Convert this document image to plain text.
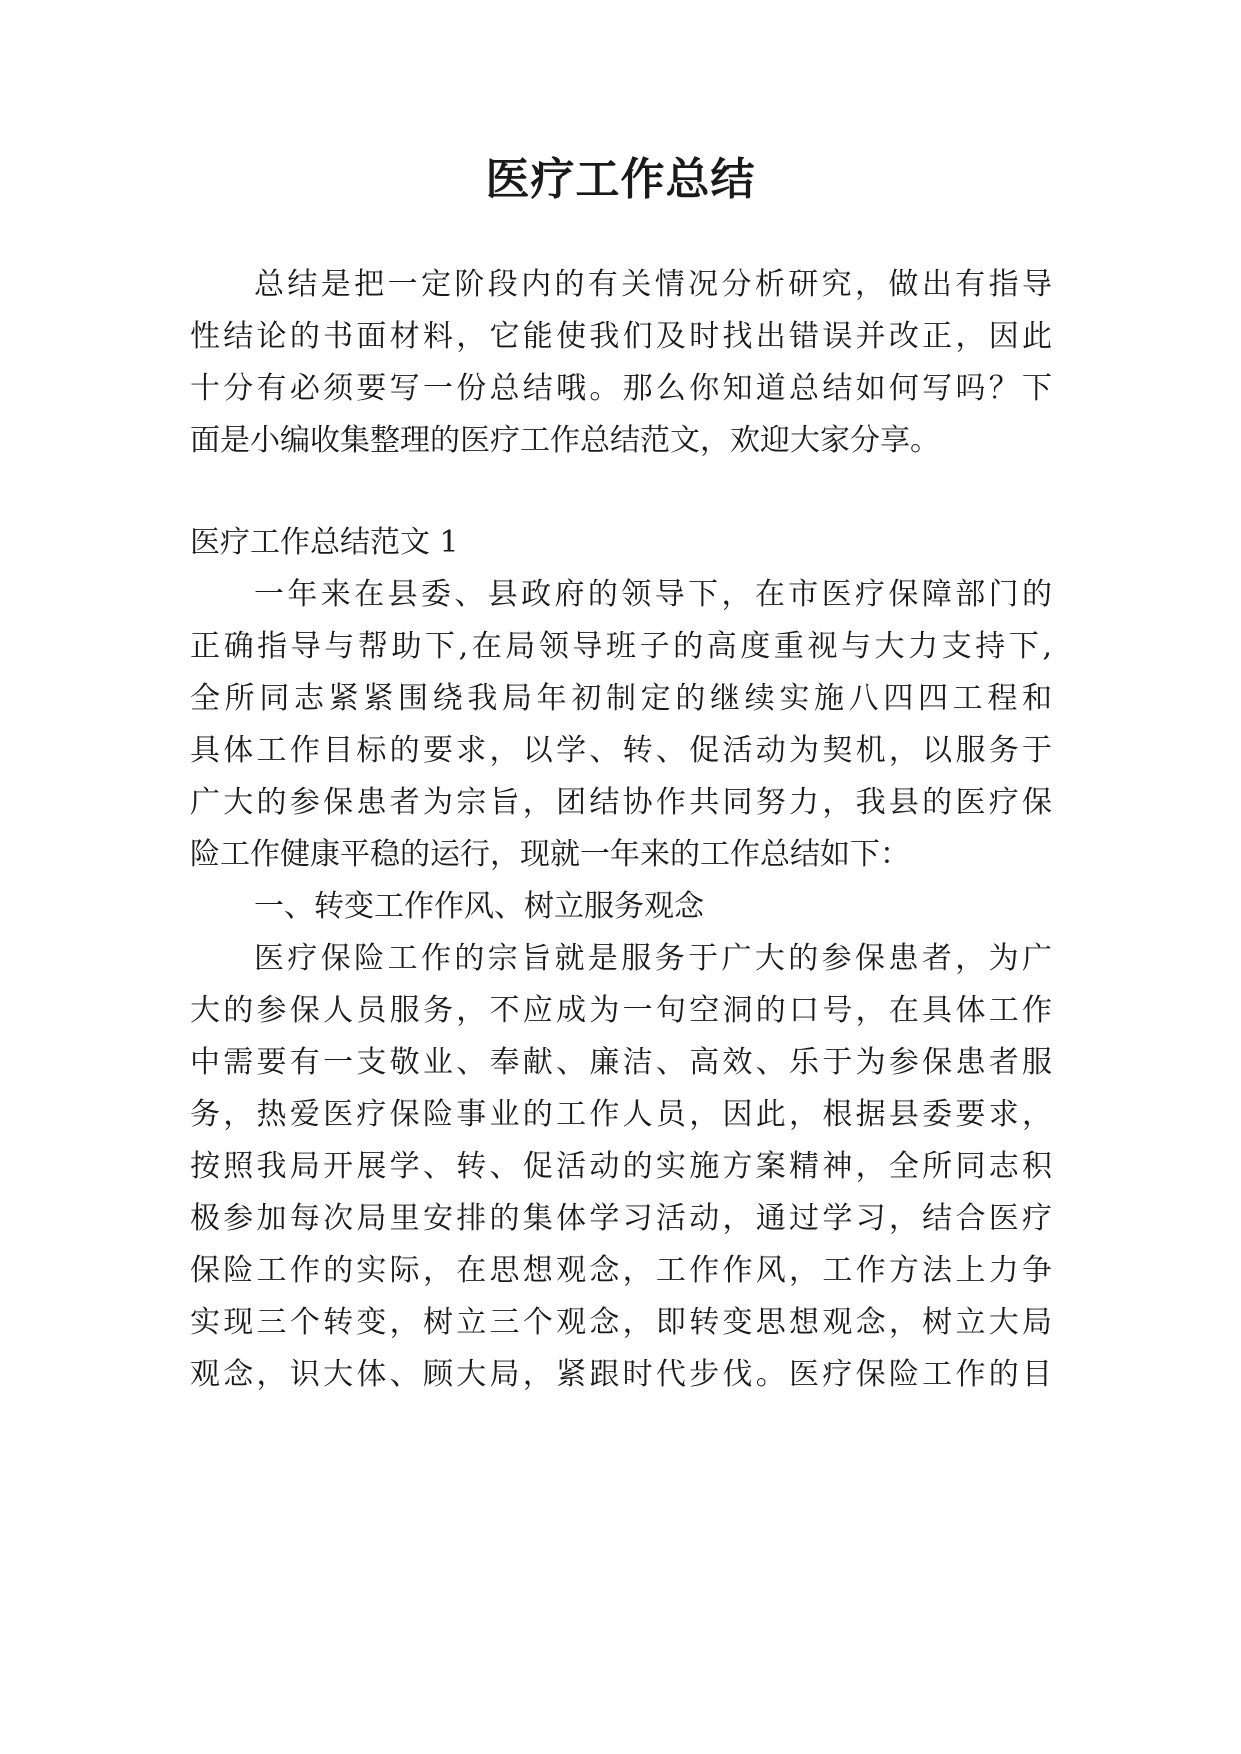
医疗工作总结
总结是把一定阶段内的有关情况分析研究，做出有指导
性结论的书面材料，它能使我们及时找出错误并改正，因此
十分有必须要写一份总结哦。那么你知道总结如何写吗？下
面是小编收集整理的医疗工作总结范文，欢迎大家分享。
医疗工作总结范文 1
一年来在县委、县政府的领导下，在市医疗保障部门的
正确指导与帮助下,在局领导班子的高度重视与大力支持下,
全所同志紧紧围绕我局年初制定的继续实施八四四工程和
具体工作目标的要求，以学、转、促活动为契机，以服务于
广大的参保患者为宗旨，团结协作共同努力，我县的医疗保
险工作健康平稳的运行，现就一年来的工作总结如下：
一、转变工作作风、树立服务观念
医疗保险工作的宗旨就是服务于广大的参保患者，为广
大的参保人员服务，不应成为一句空洞的口号，在具体工作
中需要有一支敬业、奉献、廉洁、高效、乐于为参保患者服
务，热爱医疗保险事业的工作人员，因此，根据县委要求，
按照我局开展学、转、促活动的实施方案精神，全所同志积
极参加每次局里安排的集体学习活动，通过学习，结合医疗
保险工作的实际，在思想观念，工作作风，工作方法上力争
实现三个转变，树立三个观念，即转变思想观念，树立大局
观念，识大体、顾大局，紧跟时代步伐。医疗保险工作的目
